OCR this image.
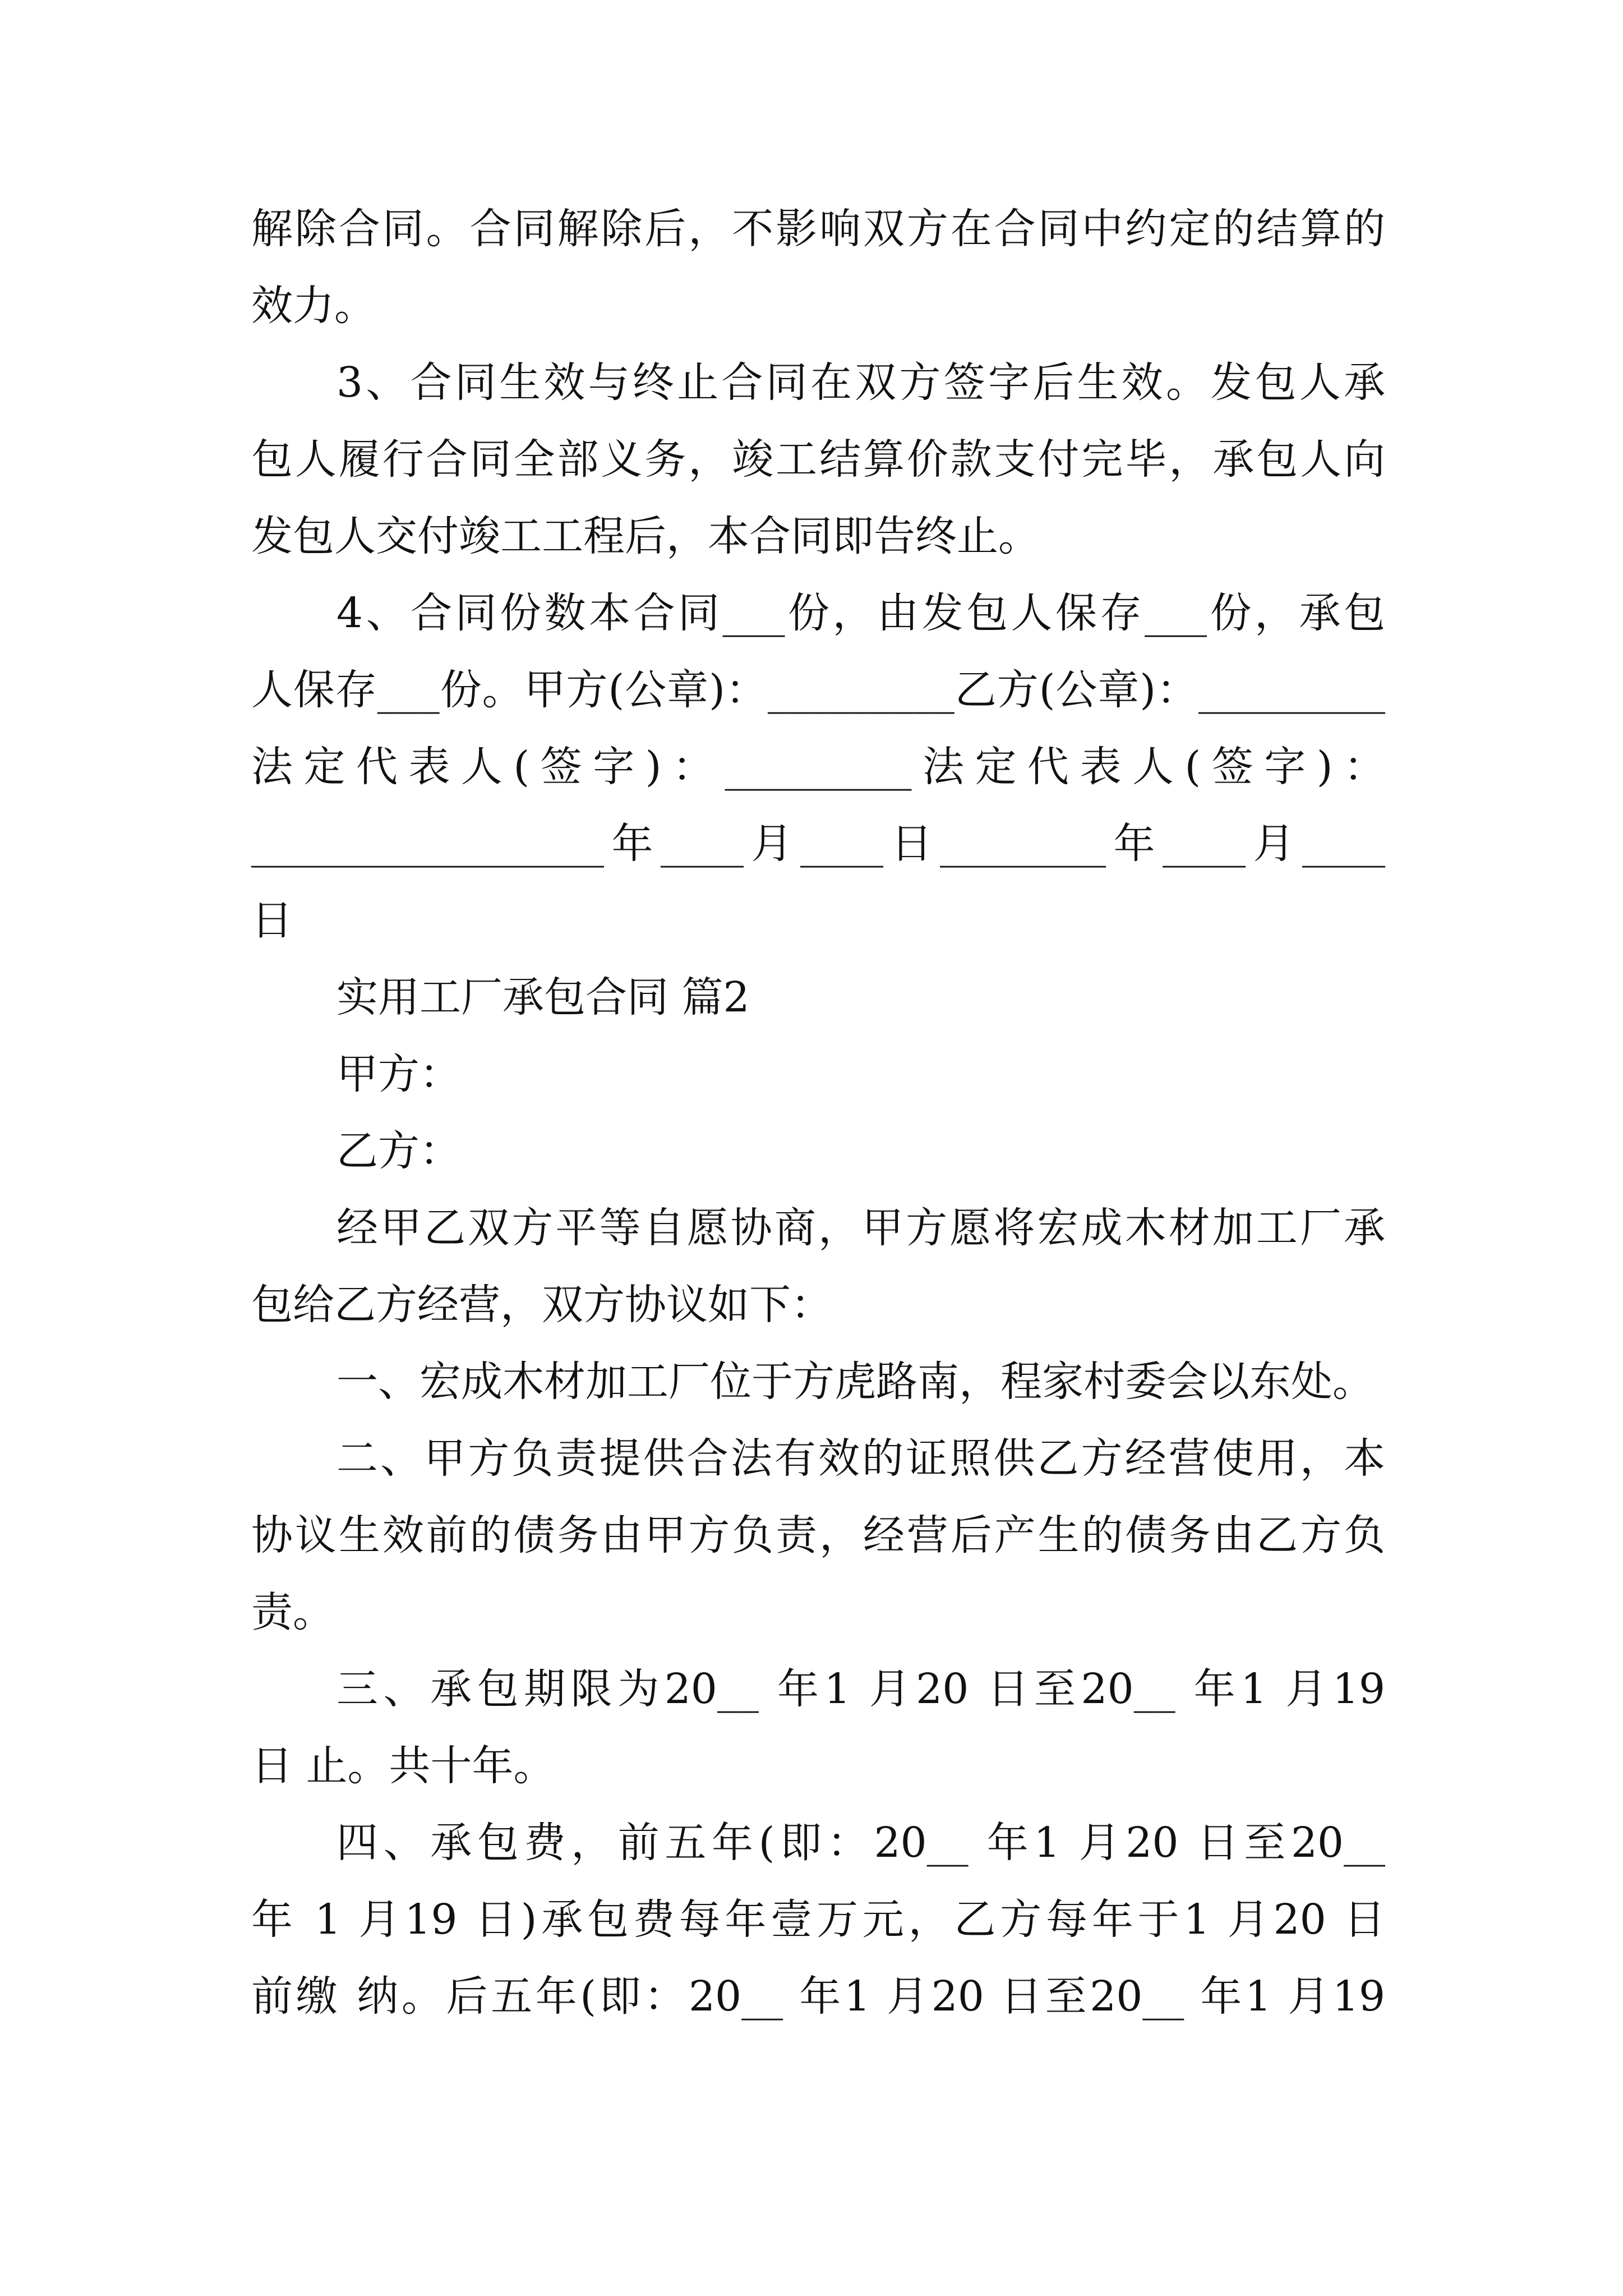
解除合同。合同解除后，不影响双方在合同中约定的结算的
效力。
3、合同生效与终止合同在双方签字后生效。发包人承
包人履行合同全部义务，竣工结算价款支付完毕，承包人向
发包人交付竣工工程后，本合同即告终止。
4、合同份数本合同___份，由发包人保存___份，承包
人保存___份。甲方(公章)：_________乙方(公章)：_________
法定代表人(签字)：_________法定代表人(签字)：
_________________年____月____日________年____月____
日
实用工厂承包合同 篇2
甲方：
乙方：
经甲乙双方平等自愿协商，甲方愿将宏成木材加工厂承
包给乙方经营，双方协议如下：
一、宏成木材加工厂位于方虎路南，程家村委会以东处。
二、甲方负责提供合法有效的证照供乙方经营使用，本
协议生效前的债务由甲方负责，经营后产生的债务由乙方负
责。
三、承包期限为20__ 年1 月20 日至20__ 年1 月19
日 止。共十年。
四、承包费，前五年(即：20__ 年1 月20 日至20__
年 1 月19 日)承包费每年壹万元，乙方每年于1 月20 日
前缴 纳。后五年(即：20__ 年1 月20 日至20__ 年1 月19
